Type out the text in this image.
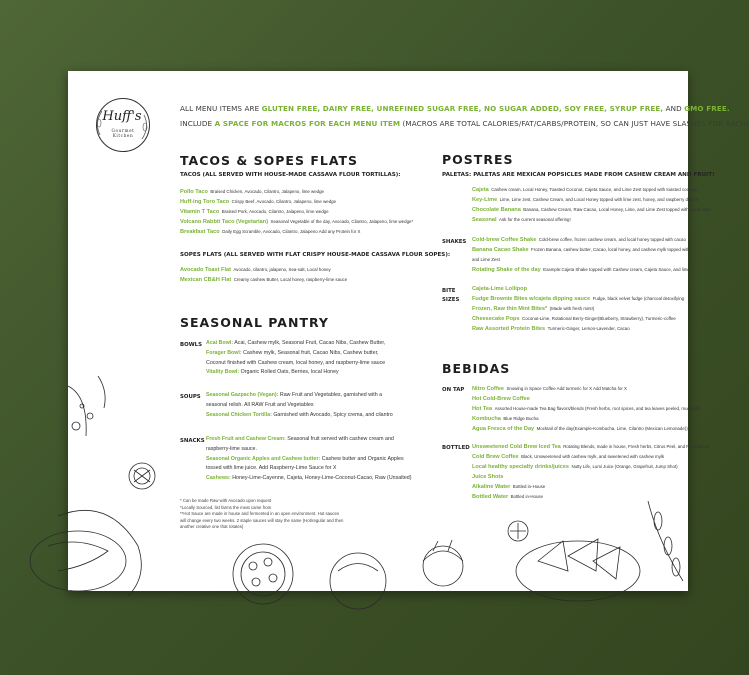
Huff's
Gourmet Kitchen
ALL MENU ITEMS ARE GLUTEN FREE, DAIRY FREE, UNREFINED SUGAR FREE, NO SUGAR ADDED, SOY FREE, SYRUP FREE, AND GMO FREE.
INCLUDE A SPACE FOR MACROS FOR EACH MENU ITEM (MACROS ARE TOTAL CALORIES/FAT/CARBS/PROTEIN, SO CAN JUST HAVE SLASHES FOR EACH)
TACOS & SOPES FLATS
TACOS (ALL SERVED WITH HOUSE-MADE CASSAVA FLOUR TORTILLAS):
Pollo Taco Braised Chicken, Avocado, Cilantro, Jalapeno, lime wedge
Huff-ing Toro Taco Crispy Beef, Avocado, Cilantro, Jalapeno, lime wedge
Vitamin T Taco Braised Pork, Avocado, Cilantro, Jalapeno, lime wedge
Volcano Rabbit Taco (Vegetarian) Seasonal Vegetable of the day, Avocado, Cilantro, Jalapeno, lime wedge*
Breakfast Taco Daily Egg Scramble, Avocado, Cilantro, Jalapeno Add any Protein for X
SOPES FLATS (ALL SERVED WITH FLAT CRISPY HOUSE-MADE CASSAVA FLOUR SOPES):
Avocado Toast Flat Avocado, cilantro, jalapeno, Sea-salt, Local honey
Mexican CB&H Flat Creamy cashew Butter, Local honey, raspberry-lime sauce
SEASONAL PANTRY
BOWLS Acai Bowl: Acai, Cashew mylk, Seasonal Fruit, Cacao Nibs, Cashew Butter,
Forager Bowl: Cashew mylk, Seasonal fruit, Cacao Nibs, Cashew butter,
Coconut finished with Cashew cream, local honey, and raspberry-lime sauce
Vitality Bowl: Organic Rolled Oats, Berries, local Honey
SOUPS Seasonal Gazpacho (Vegan): Raw Fruit and Vegetables, garnished with a
seasonal relish. All RAW Fruit and Vegetables
Seasonal Chicken Tortilla: Garnished with Avocado, Spicy crema, and cilantro
SNACKS Fresh Fruit and Cashew Cream: Seasonal fruit served with cashew cream and
raspberry-lime sauce.
Seasonal Organic Apples and Cashew butter: Cashew butter and Organic Apples
tossed with lime juice. Add Raspberry-Lime Sauce for X
Cashews: Honey-Lime-Cayenne, Cajeta, Honey-Lime-Coconut-Cacao, Raw (Unsalted)
* Can be made Raw with Avocado upon request
*Locally Sourced, list farms the meat came from
**Hot Sauce are made in house and fermented in an open environment. Hot sauces
will change every two weeks. 2 staple sauces will stay the same (Hot/regular and then
another creative one that rotates)
POSTRES
PALETAS: PALETAS ARE MEXICAN POPSICLES MADE FROM CASHEW CREAM AND FRUIT!
Cajeta Cashew cream, Local Honey, Toasted Coconut, Cajeta Sauce, and Lime Zest topped with toasted coconut
Key-Lime Lime, Lime zest, Cashew Cream, and Local Honey topped with lime zest, honey, and raspberry drizzle
Chocolate Banana Banana, Cashew Cream, Raw Cacao, Local Honey, Lime, and Lime Zest topped with cacao nibs
Seasonal Ask for the current seasonal offering!
SHAKES Cold-brew Coffee Shake Cold-brew coffee, frozen cashew cream, and local honey topped with cacao
Banana Cacao Shake Frozen Banana, cashew butter, Cacao, local honey, and cashew mylk topped with
and Lime Zest
Rotating Shake of the day Example:Cajeta Shake topped with Cashew cream, Cajeta Sauce, and lime
BITE SIZES
Cajeta-Lime Lollipop
Fudge Brownie Bites w/cajeta dipping sauce Fudge, black velvet fudge (charcoal detoxifying
Frozen, Raw thin Mint Bites* (Made with fresh mint!)
Cheesecake Pops Coconut-Lime, Rotational Berry-Ginger(Blueberry, Strawberry), Turmeric-coffee
Raw Assorted Protein Bites Turmeric-Ginger, Lemon-Lavender, Cacao
BEBIDAS
ON TAP Nitro Coffee Snowing in Space Coffee Add turmeric for X Add Matcha for X
Hot Cold-Brew Coffee
Hot Tea Assorted House-made Tea Bag flavors/blends (Fresh herbs, root spices, and tea leaves peeled, muddled)
Kombucha Blue Ridge Bucha
Agua Fresca of the Day Mocktail of the day(Example-Kombucha, Lime, Cilantro (Mexican Lemonade))
BOTTLED Unsweetened Cold Brew Iced Tea Rotating Blends, made in house, Fresh herbs, Citrus Peel, and Root spices
Cold Brew Coffee Black, Unsweetened with cashew mylk, and sweetened with cashew mylk
Local healthy specialty drinks/juices Nutty Life, Lumi Juice (Orange, Grapefruit, Jump Shot)
Juice Shots
Alkaline Water Bottled in-House
Bottled Water Bottled in-House
